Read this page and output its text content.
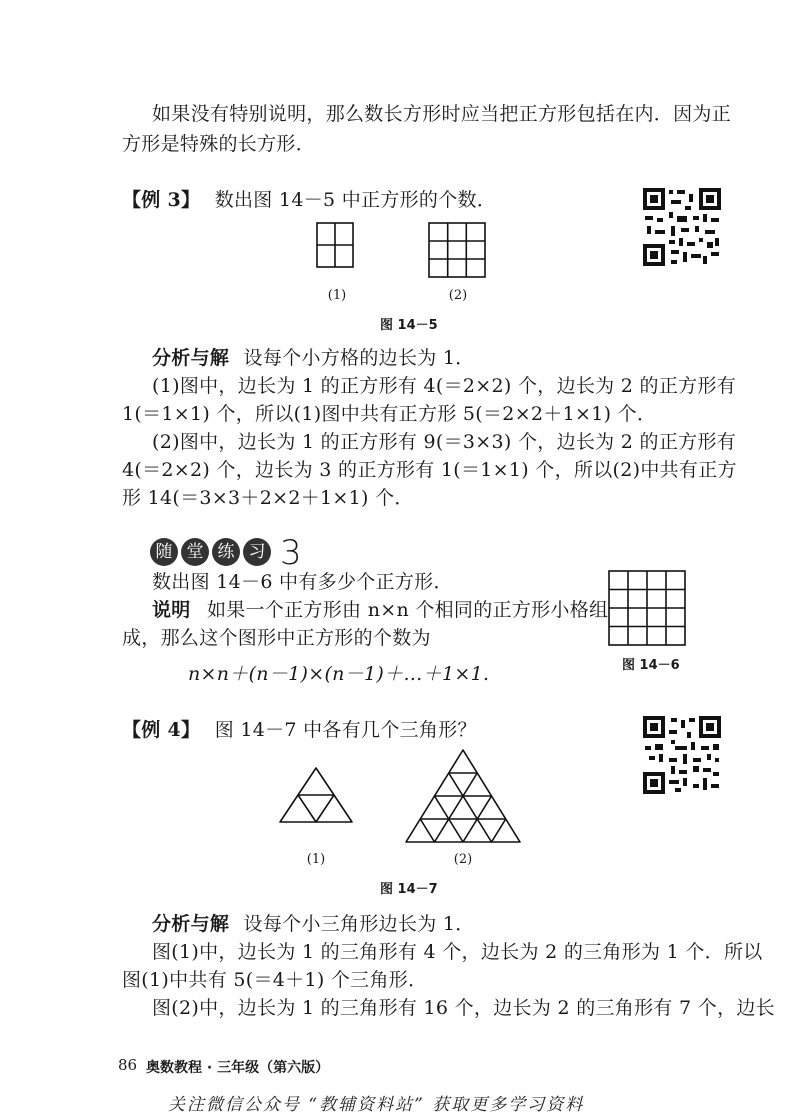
如果没有特别说明，那么数长方形时应当把正方形包括在内．因为正
方形是特殊的长方形．
【例 3】 数出图 14－5 中正方形的个数．
(1)	(2)
图 14－5
分析与解 设每个小方格的边长为 1．
(1)图中，边长为 1 的正方形有 4(＝2×2) 个，边长为 2 的正方形有
1(＝1×1) 个，所以(1)图中共有正方形 5(＝2×2＋1×1) 个．
(2)图中，边长为 1 的正方形有 9(＝3×3) 个，边长为 2 的正方形有
4(＝2×2) 个，边长为 3 的正方形有 1(＝1×1) 个，所以(2)中共有正方
形 14(＝3×3＋2×2＋1×1) 个．
随 堂 练 习 3
数出图 14－6 中有多少个正方形．
说明 如果一个正方形由 n×n 个相同的正方形小格组
成，那么这个图形中正方形的个数为
n×n＋(n－1)×(n－1)＋…＋1×1.	图 14－6
【例 4】 图 14－7 中各有几个三角形？
(1)	(2)
图 14－7
分析与解 设每个小三角形边长为 1．
图(1)中，边长为 1 的三角形有 4 个，边长为 2 的三角形为 1 个．所以
图(1)中共有 5(＝4＋1) 个三角形．
图(2)中，边长为 1 的三角形有 16 个，边长为 2 的三角形有 7 个，边长
86 奥数教程 · 三年级（第六版）
关注微信公众号 “教辅资料站” 获取更多学习资料
